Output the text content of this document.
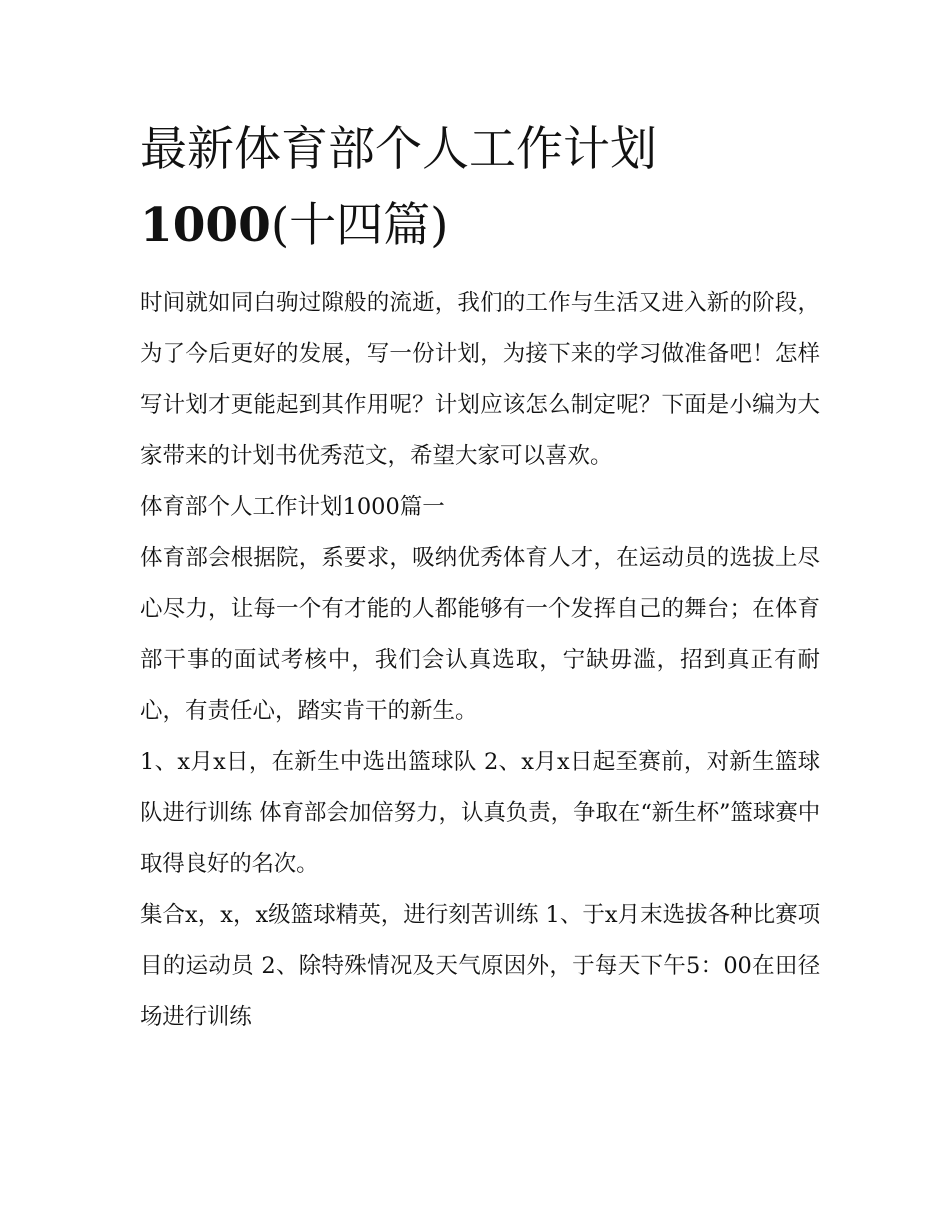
最新体育部个人工作计划
1000(十四篇)

时间就如同白驹过隙般的流逝，我们的工作与生活又进入新的阶段，为了今后更好的发展，写一份计划，为接下来的学习做准备吧！怎样写计划才更能起到其作用呢？计划应该怎么制定呢？下面是小编为大家带来的计划书优秀范文，希望大家可以喜欢。

体育部个人工作计划1000篇一

体育部会根据院，系要求，吸纳优秀体育人才，在运动员的选拔上尽心尽力，让每一个有才能的人都能够有一个发挥自己的舞台；在体育部干事的面试考核中，我们会认真选取，宁缺毋滥，招到真正有耐心，有责任心，踏实肯干的新生。

1、x月x日，在新生中选出篮球队 2、x月x日起至赛前，对新生篮球队进行训练 体育部会加倍努力，认真负责，争取在“新生杯”篮球赛中取得良好的名次。

集合x，x，x级篮球精英，进行刻苦训练 1、于x月末选拔各种比赛项目的运动员 2、除特殊情况及天气原因外，于每天下午5：00在田径场进行训练
